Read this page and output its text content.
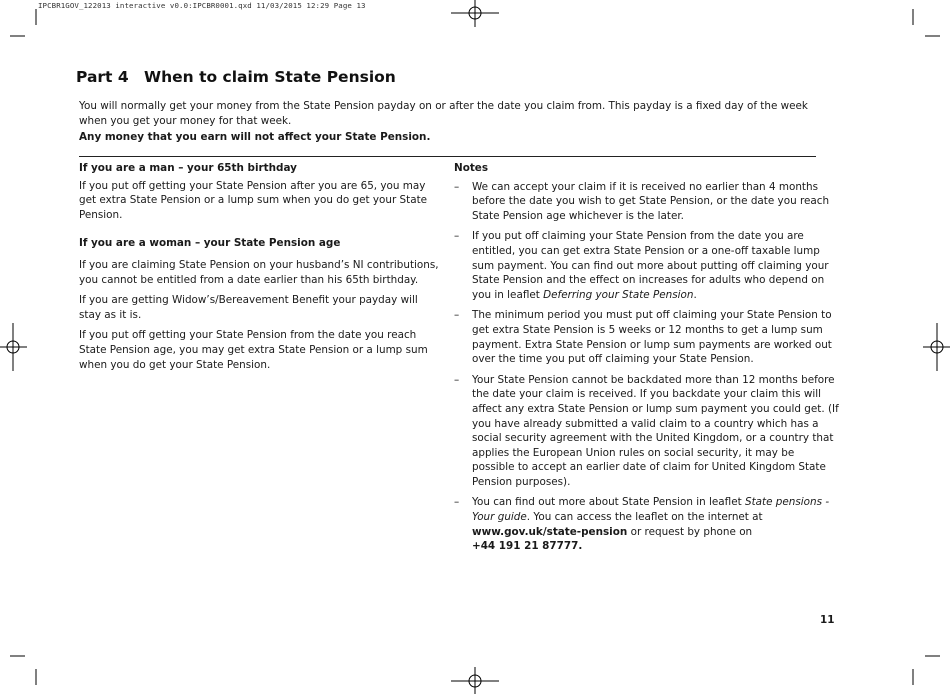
IPCBR1GOV_122013 interactive v0.0:IPCBR0001.qxd 11/03/2015 12:29 Page 13
Part 4 When to claim State Pension

You will normally get your money from the State Pension payday on or after the date you claim from. This payday is a fixed day of the week when you get your money for that week.

Any money that you earn will not affect your State Pension.

If you are a man – your 65th birthday

If you put off getting your State Pension after you are 65, you may get extra State Pension or a lump sum when you do get your State Pension.

If you are a woman – your State Pension age

If you are claiming State Pension on your husband’s NI contributions, you cannot be entitled from a date earlier than his 65th birthday.

If you are getting Widow’s/Bereavement Benefit your payday will stay as it is.

If you put off getting your State Pension from the date you reach State Pension age, you may get extra State Pension or a lump sum when you do get your State Pension.

Notes

– We can accept your claim if it is received no earlier than 4 months before the date you wish to get State Pension, or the date you reach State Pension age whichever is the later.
– If you put off claiming your State Pension from the date you are entitled, you can get extra State Pension or a one-off taxable lump sum payment. You can find out more about putting off claiming your State Pension and the effect on increases for adults who depend on you in leaflet Deferring your State Pension.
– The minimum period you must put off claiming your State Pension to get extra State Pension is 5 weeks or 12 months to get a lump sum payment. Extra State Pension or lump sum payments are worked out over the time you put off claiming your State Pension.
– Your State Pension cannot be backdated more than 12 months before the date your claim is received. If you backdate your claim this will affect any extra State Pension or lump sum payment you could get. (If you have already submitted a valid claim to a country which has a social security agreement with the United Kingdom, or a country that applies the European Union rules on social security, it may be possible to accept an earlier date of claim for United Kingdom State Pension purposes).
– You can find out more about State Pension in leaflet State pensions - Your guide. You can access the leaflet on the internet at
www.gov.uk/state-pension or request by phone on
+44 191 21 87777.
11
